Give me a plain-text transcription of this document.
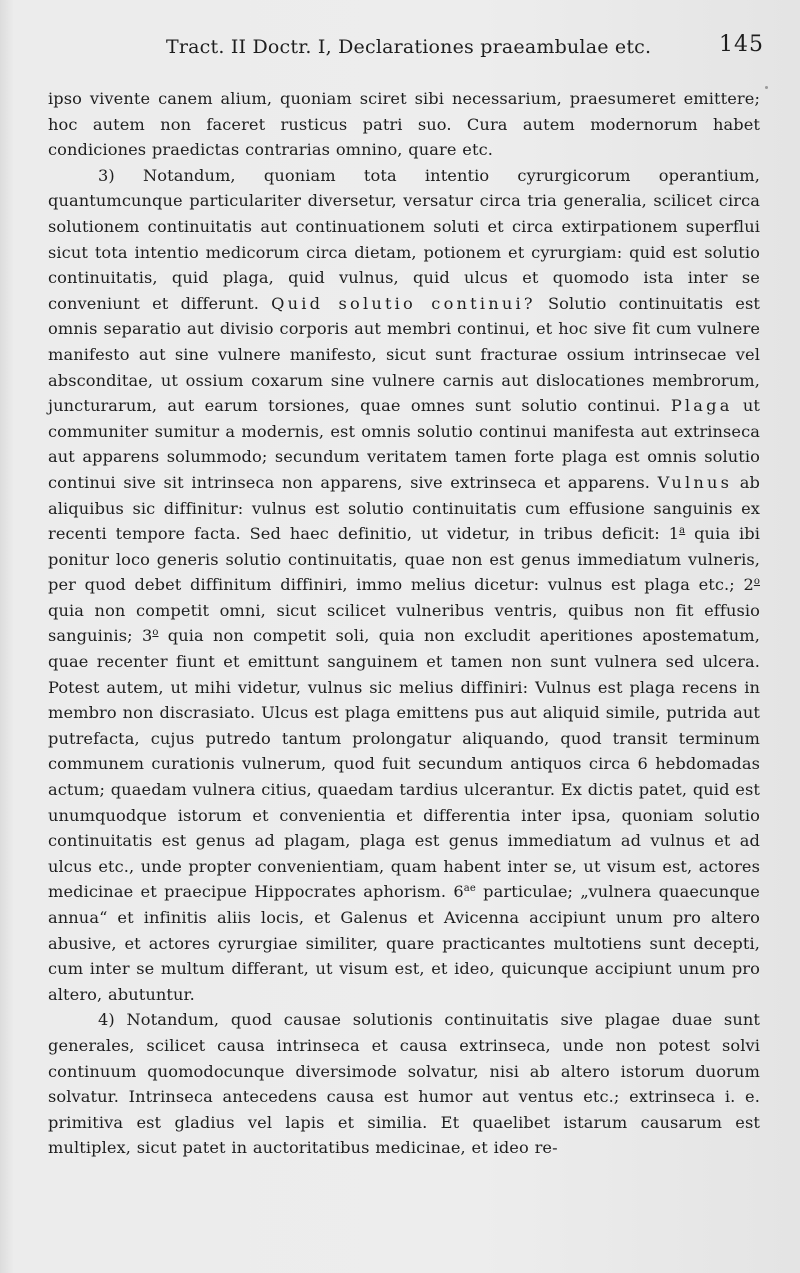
Tract. II Doctr. I, Declarationes praeambulae etc.	145

ipso vivente canem alium, quoniam sciret sibi necessarium, praesumeret emittere; hoc autem non faceret rusticus patri suo. Cura autem modernorum habet condiciones praedictas contrarias omnino, quare etc.

3) Notandum, quoniam tota intentio cyrurgicorum operantium, quantumcunque particulariter diversetur, versatur circa tria generalia, scilicet circa solutionem continuitatis aut continuationem soluti et circa extirpationem superflui sicut tota intentio medicorum circa dietam, potionem et cyrurgiam: quid est solutio continuitatis, quid plaga, quid vulnus, quid ulcus et quomodo ista inter se conveniunt et differunt. Quid solutio continui? Solutio continuitatis est omnis separatio aut divisio corporis aut membri continui, et hoc sive fit cum vulnere manifesto aut sine vulnere manifesto, sicut sunt fracturae ossium intrinsecae vel absconditae, ut ossium coxarum sine vulnere carnis aut dislocationes membrorum, juncturarum, aut earum torsiones, quae omnes sunt solutio continui. Plaga ut communiter sumitur a modernis, est omnis solutio continui manifesta aut extrinseca aut apparens solummodo; secundum veritatem tamen forte plaga est omnis solutio continui sive sit intrinseca non apparens, sive extrinseca et apparens. Vulnus ab aliquibus sic diffinitur: vulnus est solutio continuitatis cum effusione sanguinis ex recenti tempore facta. Sed haec definitio, ut videtur, in tribus deficit: 1$^a$ quia ibi ponitur loco generis solutio continuitatis, quae non est genus immediatum vulneris, per quod debet diffinitum diffiniri, immo melius dicetur: vulnus est plaga etc.; 2$^o$ quia non competit omni, sicut scilicet vulneribus ventris, quibus non fit effusio sanguinis; 3$^o$ quia non competit soli, quia non excludit aperitiones apostematum, quae recenter fiunt et emittunt sanguinem et tamen non sunt vulnera sed ulcera. Potest autem, ut mihi videtur, vulnus sic melius diffiniri: Vulnus est plaga recens in membro non discrasiato. Ulcus est plaga emittens pus aut aliquid simile, putrida aut putrefacta, cujus putredo tantum prolongatur aliquando, quod transit terminum communem curationis vulnerum, quod fuit secundum antiquos circa 6 hebdomadas actum; quaedam vulnera citius, quaedam tardius ulcerantur. Ex dictis patet, quid est unumquodque istorum et convenientia et differentia inter ipsa, quoniam solutio continuitatis est genus ad plagam, plaga est genus immediatum ad vulnus et ad ulcus etc., unde propter convenientiam, quam habent inter se, ut visum est, actores medicinae et praecipue Hippocrates aphorism. $6^{ae}$ particulae; „vulnera quaecunque annua“ et infinitis aliis locis, et Galenus et Avicenna accipiunt unum pro altero abusive, et actores cyrurgiae similiter, quare practicantes multotiens sunt decepti, cum inter se multum differant, ut visum est, et ideo, quicunque accipiunt unum pro altero, abutuntur.

4) Notandum, quod causae solutionis continuitatis sive plagae duae sunt generales, scilicet causa intrinseca et causa extrinseca, unde non potest solvi continuum quomodocunque diversimode solvatur, nisi ab altero istorum duorum solvatur. Intrinseca antecedens causa est humor aut ventus etc.; extrinseca i. e. primitiva est gladius vel lapis et similia. Et quaelibet istarum causarum est multiplex, sicut patet in auctoritatibus medicinae, et ideo re-
